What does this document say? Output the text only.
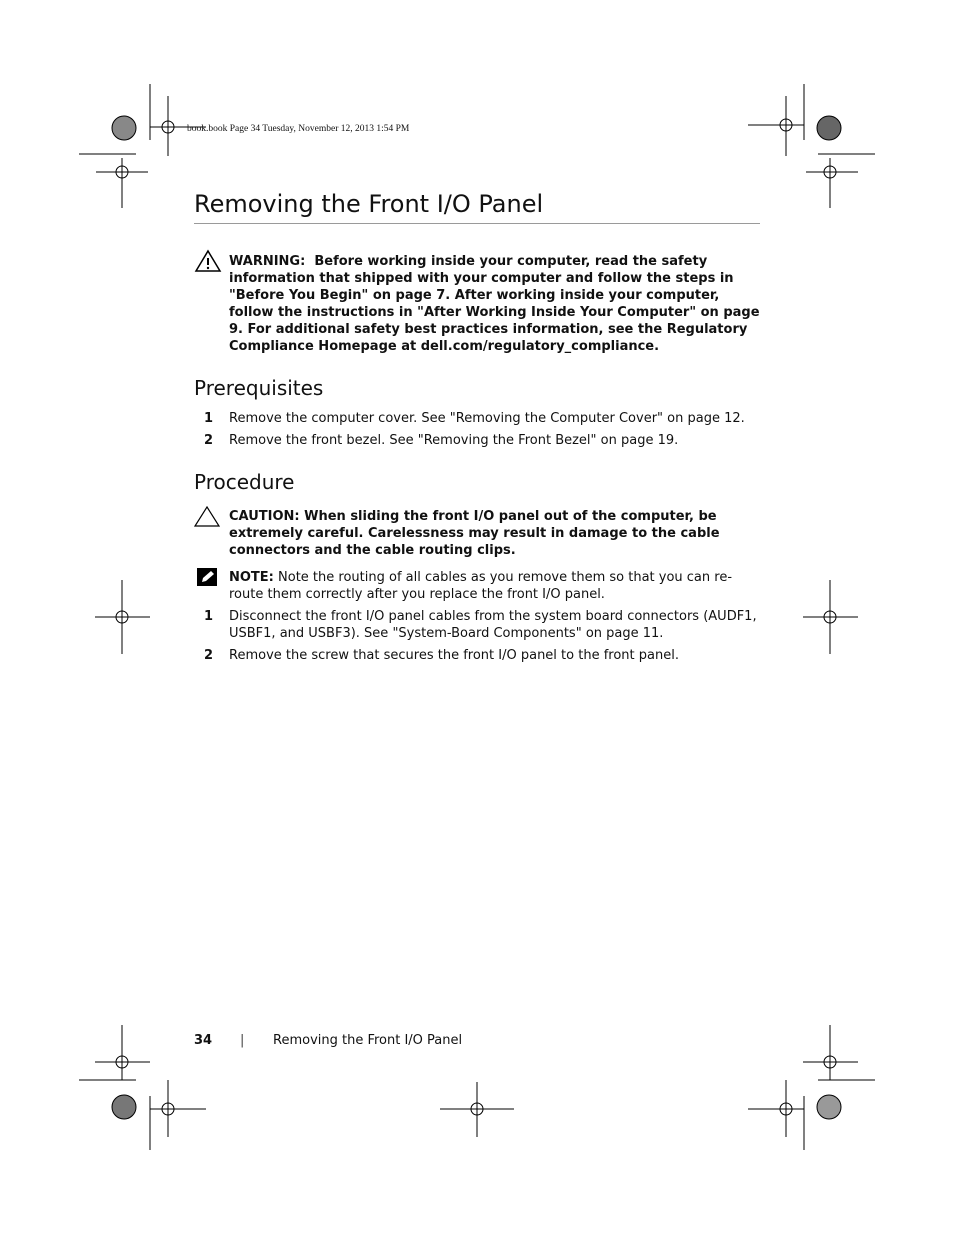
book.book Page 34 Tuesday, November 12, 2013 1:54 PM
Removing the Front I/O Panel
WARNING: Before working inside your computer, read the safety information that shipped with your computer and follow the steps in "Before You Begin" on page 7. After working inside your computer, follow the instructions in "After Working Inside Your Computer" on page 9. For additional safety best practices information, see the Regulatory Compliance Homepage at dell.com/regulatory_compliance.
Prerequisites
1 Remove the computer cover. See "Removing the Computer Cover" on page 12.
2 Remove the front bezel. See "Removing the Front Bezel" on page 19.
Procedure
CAUTION: When sliding the front I/O panel out of the computer, be extremely careful. Carelessness may result in damage to the cable connectors and the cable routing clips.
NOTE: Note the routing of all cables as you remove them so that you can re-route them correctly after you replace the front I/O panel.
1 Disconnect the front I/O panel cables from the system board connectors (AUDF1, USBF1, and USBF3). See "System-Board Components" on page 11.
2 Remove the screw that secures the front I/O panel to the front panel.
34 | Removing the Front I/O Panel
